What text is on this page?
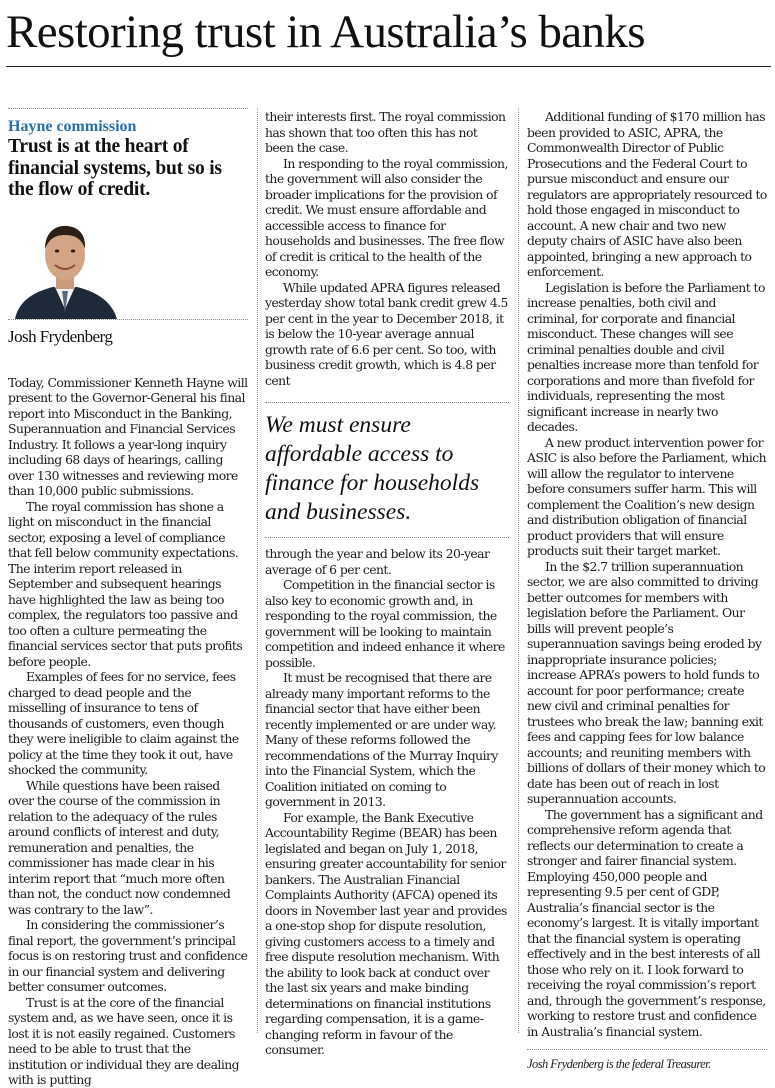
Restoring trust in Australia’s banks
Hayne commission
Trust is at the heart of financial systems, but so is the flow of credit.
Josh Frydenberg

Today, Commissioner Kenneth Hayne will present to the Governor-General his final report into Misconduct in the Banking, Superannuation and Financial Services Industry. It follows a year-long inquiry including 68 days of hearings, calling over 130 witnesses and reviewing more than 10,000 public submissions.

The royal commission has shone a light on misconduct in the financial sector, exposing a level of compliance that fell below community expectations. The interim report released in September and subsequent hearings have highlighted the law as being too complex, the regulators too passive and too often a culture permeating the financial services sector that puts profits before people.

Examples of fees for no service, fees charged to dead people and the misselling of insurance to tens of thousands of customers, even though they were ineligible to claim against the policy at the time they took it out, have shocked the community.

While questions have been raised over the course of the commission in relation to the adequacy of the rules around conflicts of interest and duty, remuneration and penalties, the commissioner has made clear in his interim report that “much more often than not, the conduct now condemned was contrary to the law”.

In considering the commissioner’s final report, the government’s principal focus is on restoring trust and confidence in our financial system and delivering better consumer outcomes.

Trust is at the core of the financial system and, as we have seen, once it is lost it is not easily regained. Customers need to be able to trust that the institution or individual they are dealing with is putting

their interests first. The royal commission has shown that too often this has not been the case.

In responding to the royal commission, the government will also consider the broader implications for the provision of credit. We must ensure affordable and accessible access to finance for households and businesses. The free flow of credit is critical to the health of the economy.

While updated APRA figures released yesterday show total bank credit grew 4.5 per cent in the year to December 2018, it is below the 10-year average annual growth rate of 6.6 per cent. So too, with business credit growth, which is 4.8 per cent

We must ensure affordable access to finance for households and businesses.

through the year and below its 20-year average of 6 per cent.

Competition in the financial sector is also key to economic growth and, in responding to the royal commission, the government will be looking to maintain competition and indeed enhance it where possible.

It must be recognised that there are already many important reforms to the financial sector that have either been recently implemented or are under way. Many of these reforms followed the recommendations of the Murray Inquiry into the Financial System, which the Coalition initiated on coming to government in 2013.

For example, the Bank Executive Accountability Regime (BEAR) has been legislated and began on July 1, 2018, ensuring greater accountability for senior bankers. The Australian Financial Complaints Authority (AFCA) opened its doors in November last year and provides a one-stop shop for dispute resolution, giving customers access to a timely and free dispute resolution mechanism. With the ability to look back at conduct over the last six years and make binding determinations on financial institutions regarding compensation, it is a game-changing reform in favour of the consumer.

Additional funding of $170 million has been provided to ASIC, APRA, the Commonwealth Director of Public Prosecutions and the Federal Court to pursue misconduct and ensure our regulators are appropriately resourced to hold those engaged in misconduct to account. A new chair and two new deputy chairs of ASIC have also been appointed, bringing a new approach to enforcement.

Legislation is before the Parliament to increase penalties, both civil and criminal, for corporate and financial misconduct. These changes will see criminal penalties double and civil penalties increase more than tenfold for corporations and more than fivefold for individuals, representing the most significant increase in nearly two decades.

A new product intervention power for ASIC is also before the Parliament, which will allow the regulator to intervene before consumers suffer harm. This will complement the Coalition’s new design and distribution obligation of financial product providers that will ensure products suit their target market.

In the $2.7 trillion superannuation sector, we are also committed to driving better outcomes for members with legislation before the Parliament. Our bills will prevent people’s superannuation savings being eroded by inappropriate insurance policies; increase APRA’s powers to hold funds to account for poor performance; create new civil and criminal penalties for trustees who break the law; banning exit fees and capping fees for low balance accounts; and reuniting members with billions of dollars of their money which to date has been out of reach in lost superannuation accounts.

The government has a significant and comprehensive reform agenda that reflects our determination to create a stronger and fairer financial system. Employing 450,000 people and representing 9.5 per cent of GDP, Australia’s financial sector is the economy’s largest. It is vitally important that the financial system is operating effectively and in the best interests of all those who rely on it. I look forward to receiving the royal commission’s report and, through the government’s response, working to restore trust and confidence in Australia’s financial system.

Josh Frydenberg is the federal Treasurer.
